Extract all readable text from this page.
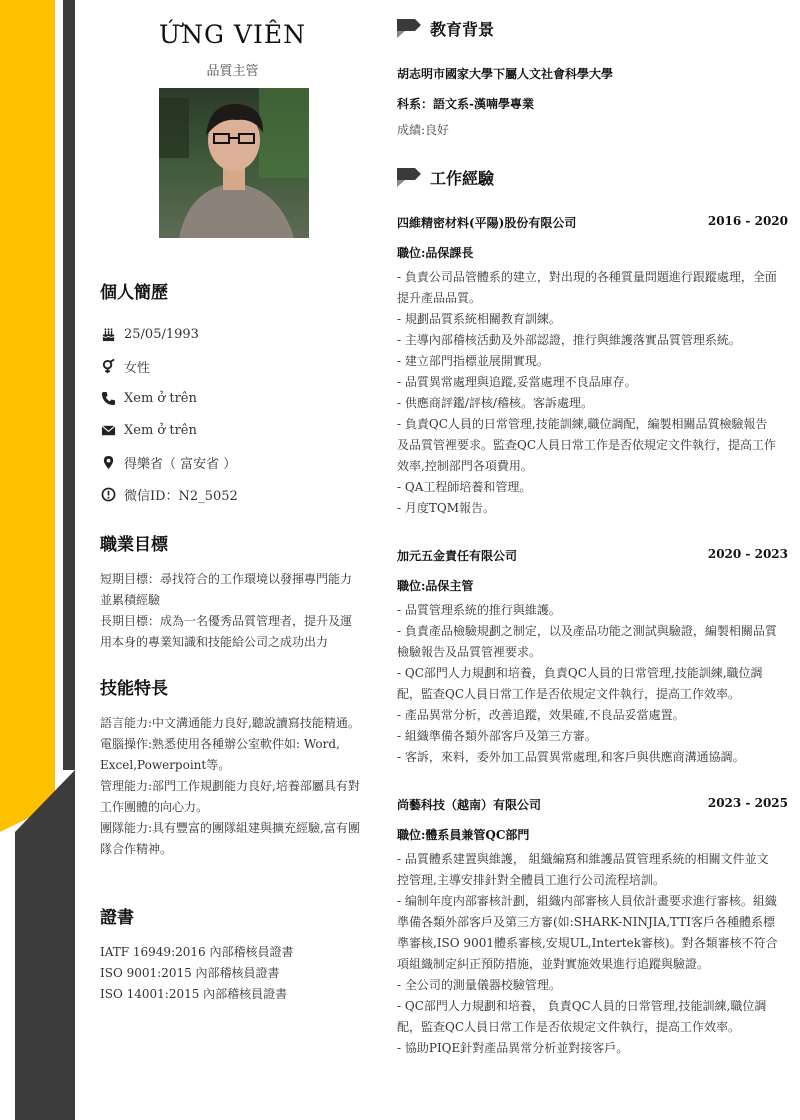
ỨNG VIÊN
品質主管
個人簡歷
25/05/1993
女性
Xem ở trên
Xem ở trên
得樂省（ 富安省 ）
微信ID：N2_5052
職業目標
短期目標：尋找符合的工作環境以發揮專門能力並累積經驗
長期目標：成為一名優秀品質管理者，提升及運用本身的專業知識和技能給公司之成功出力
技能特長
語言能力:中文溝通能力良好,聽說讀寫技能精通。
電腦操作:熟悉使用各種辦公室軟件如: Word, Excel,Powerpoint等。
管理能力:部門工作規劃能力良好,培養部屬具有對工作團體的向心力。
團隊能力:具有豐富的團隊組建與擴充經驗,富有團隊合作精神。
證書
IATF 16949:2016 內部稽核員證書
ISO 9001:2015 內部稽核員證書
ISO 14001:2015 內部稽核員證書
教育背景
胡志明市國家大學下屬人文社會科學大學
科系：語文系-漢喃學專業
成績:良好
工作經驗
四維精密材料(平陽)股份有限公司	2016 - 2020
職位:品保課長
- 負責公司品管體系的建立，對出現的各種質量問題進行跟蹤處理，全面提升產品品質。
- 規劃品質系統相關教育訓練。
- 主導內部稽核活動及外部認證，推行與維護落實品質管理系統。
- 建立部門指標並展開實現。
- 品質異常處理與追蹤,妥當處理不良品庫存。
- 供應商評鑑/評核/稽核。客訴處理。
- 負責QC人員的日常管理,技能訓練,職位調配，編製相關品質檢驗報告及品質管裡要求。監查QC人員日常工作是否依規定文件執行，提高工作效率,控制部門各項費用。
- QA工程師培養和管理。
- 月度TQM報告。
加元五金責任有限公司	2020 - 2023
職位:品保主管
- 品質管理系統的推行與維護。
- 負責產品檢驗規劃之制定，以及產品功能之測試與驗證，編製相關品質檢驗報告及品質管裡要求。
- QC部門人力規劃和培養，負責QC人員的日常管理,技能訓練,職位調配，監查QC人員日常工作是否依規定文件執行，提高工作效率。
- 產品異常分析，改善追蹤，效果確,不良品妥當處置。
- 組織準備各類外部客戶及第三方審。
- 客訴，來料，委外加工品質異常處理,和客戶與供應商溝通協調。
尚藝科技（越南）有限公司	2023 - 2025
職位:體系員兼管QC部門
- 品質體系建置與維護， 組織編寫和維護品質管理系統的相關文件並文控管理,主導安排針對全體員工進行公司流程培訓。
- 编制年度内部審核計劃，組織内部審核人員依計畫要求進行審核。組織準備各類外部客戶及第三方審(如:SHARK-NINJIA,TTI客戶各種體系標準審核,ISO 9001體系審核,安規UL,Intertek審核)。對各類審核不符合項組織制定糾正預防措施，並對實施效果進行追蹤與驗證。
- 全公司的測量儀器校驗管理。
- QC部門人力規劃和培養， 負責QC人員的日常管理,技能訓練,職位調配，監查QC人員日常工作是否依規定文件執行，提高工作效率。
- 協助PIQE針對產品異常分析並對接客戶。
